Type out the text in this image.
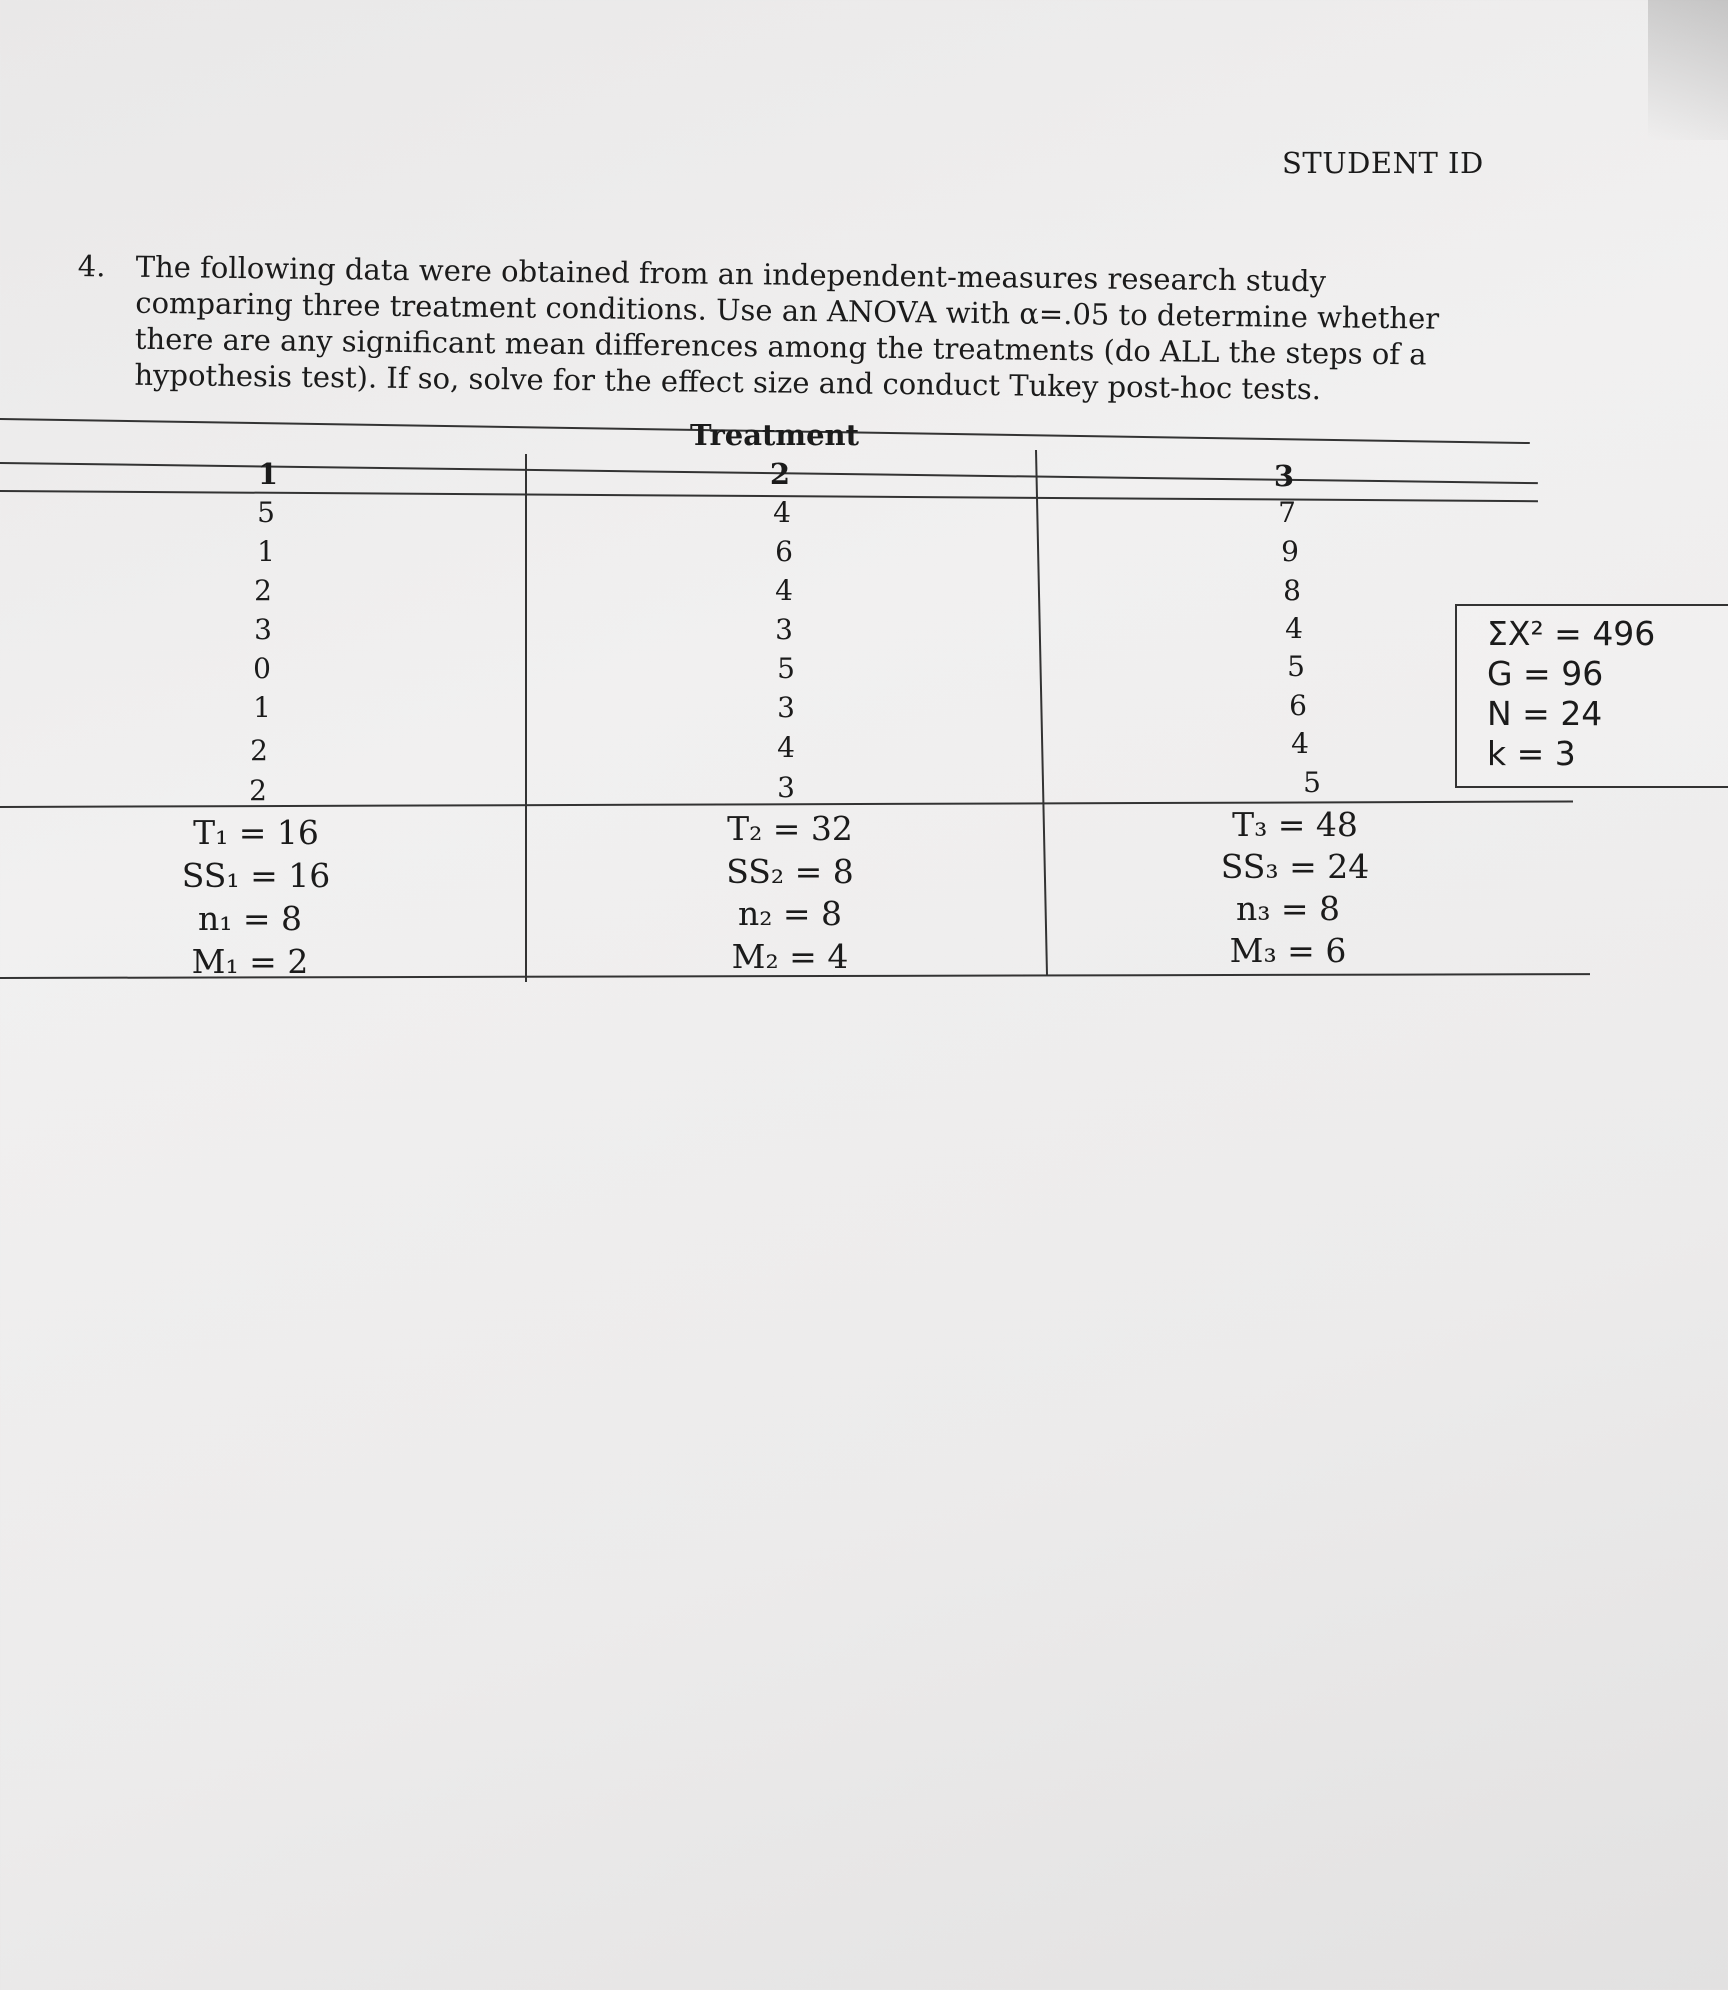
STUDENT ID
4. The following data were obtained from an independent-measures research study
comparing three treatment conditions. Use an ANOVA with α=.05 to determine whether
there are any significant mean differences among the treatments (do ALL the steps of a
hypothesis test). If so, solve for the effect size and conduct Tukey post-hoc tests.
Treatment
1	2	3
5
1
2
3
0
1
2
2
4
6
4
3
5
3
4
3
7
9
8
4
5
6
4
5
T₁ = 16
SS₁ = 16
n₁ = 8
M₁ = 2
T₂ = 32
SS₂ = 8
n₂ = 8
M₂ = 4
T₃ = 48
SS₃ = 24
n₃ = 8
M₃ = 6
ΣX² = 496
G = 96
N = 24
k = 3
